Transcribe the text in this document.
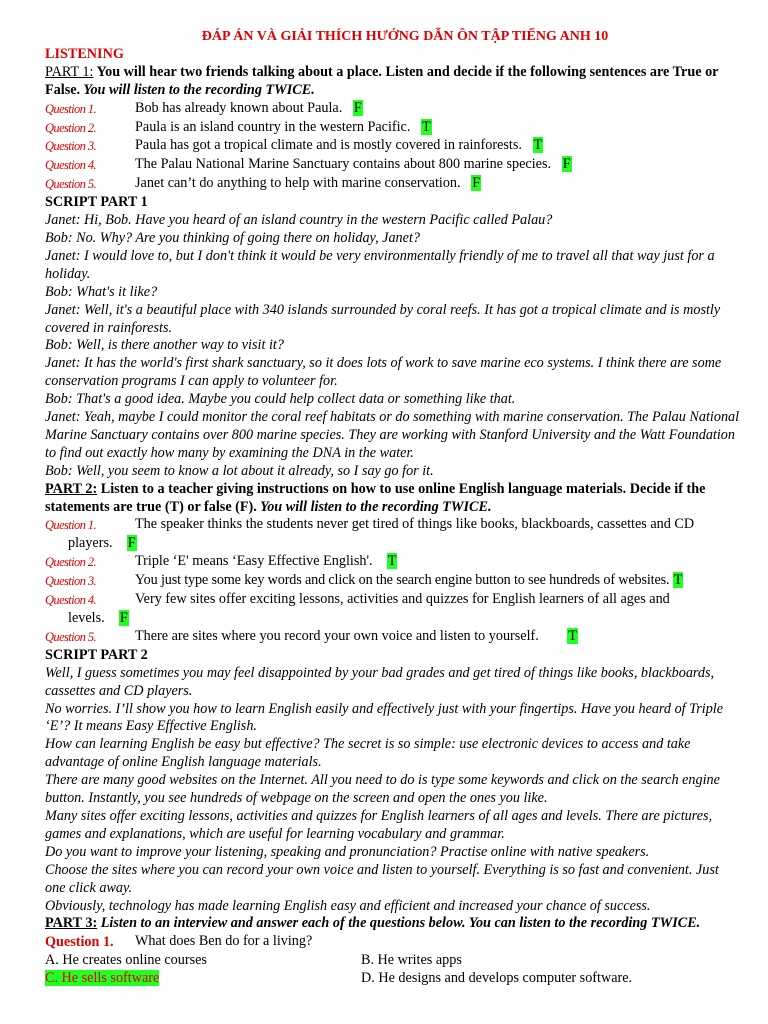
ĐÁP ÁN VÀ GIẢI THÍCH HƯỚNG DẪN ÔN TẬP TIẾNG ANH 10
LISTENING
PART 1: You will hear two friends talking about a place. Listen and decide if the following sentences are True or False. You will listen to the recording TWICE.
Question 1.	Bob has already known about Paula. F
Question 2.	Paula is an island country in the western Pacific. T
Question 3.	Paula has got a tropical climate and is mostly covered in rainforests. T
Question 4.	The Palau National Marine Sanctuary contains about 800 marine species. F
Question 5.	Janet can’t do anything to help with marine conservation. F
SCRIPT PART 1
Janet: Hi, Bob. Have you heard of an island country in the western Pacific called Palau?
Bob: No. Why? Are you thinking of going there on holiday, Janet?
Janet: I would love to, but I don't think it would be very environmentally friendly of me to travel all that way just for a holiday.
Bob: What's it like?
Janet: Well, it's a beautiful place with 340 islands surrounded by coral reefs. It has got a tropical climate and is mostly covered in rainforests.
Bob: Well, is there another way to visit it?
Janet: It has the world's first shark sanctuary, so it does lots of work to save marine eco systems. I think there are some conservation programs I can apply to volunteer for.
Bob: That's a good idea. Maybe you could help collect data or something like that.
Janet: Yeah, maybe I could monitor the coral reef habitats or do something with marine conservation. The Palau National Marine Sanctuary contains over 800 marine species. They are working with Stanford University and the Watt Foundation to find out exactly how many by examining the DNA in the water.
Bob: Well, you seem to know a lot about it already, so I say go for it.
PART 2: Listen to a teacher giving instructions on how to use online English language materials. Decide if the statements are true (T) or false (F). You will listen to the recording TWICE.
Question 1.	The speaker thinks the students never get tired of things like books, blackboards, cassettes and CD
players. F
Question 2.	Triple ‘E' means ‘Easy Effective English'. T
Question 3.	You just type some key words and click on the search engine button to see hundreds of websites. T
Question 4.	Very few sites offer exciting lessons, activities and quizzes for English learners of all ages and
levels. F
Question 5.	There are sites where you record your own voice and listen to yourself. T
SCRIPT PART 2
Well, I guess sometimes you may feel disappointed by your bad grades and get tired of things like books, blackboards, cassettes and CD players.
No worries. I’ll show you how to learn English easily and effectively just with your fingertips. Have you heard of Triple ‘E’? It means Easy Effective English.
How can learning English be easy but effective? The secret is so simple: use electronic devices to access and take advantage of online English language materials.
There are many good websites on the Internet. All you need to do is type some keywords and click on the search engine button. Instantly, you see hundreds of webpage on the screen and open the ones you like.
Many sites offer exciting lessons, activities and quizzes for English learners of all ages and levels. There are pictures, games and explanations, which are useful for learning vocabulary and grammar.
Do you want to improve your listening, speaking and pronunciation? Practise online with native speakers.
Choose the sites where you can record your own voice and listen to yourself. Everything is so fast and convenient. Just one click away.
Obviously, technology has made learning English easy and efficient and increased your chance of success.
PART 3: Listen to an interview and answer each of the questions below. You can listen to the recording TWICE.
Question 1.	What does Ben do for a living?
A. He creates online courses	B. He writes apps
C. He sells software	D. He designs and develops computer software.
